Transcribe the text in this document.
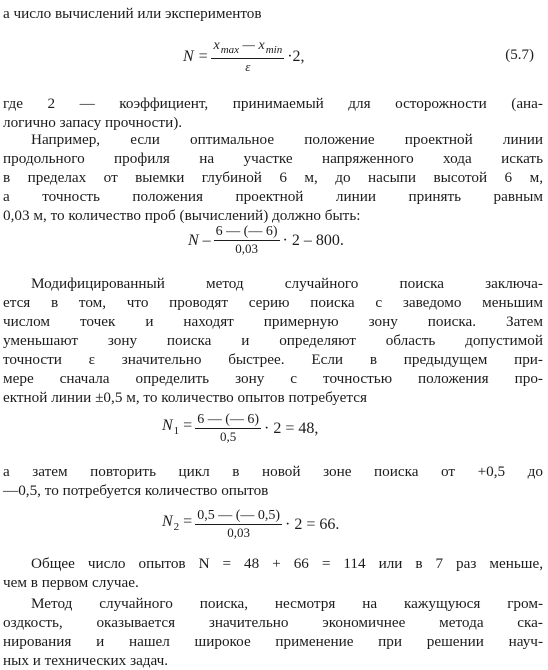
а число вычислений или экспериментов

$N = \frac{x_{max} — x_{min}}{\varepsilon} \cdot 2$,	(5.7)

где 2 — коэффициент, принимаемый для осторожности (ана-
логично запасу прочности).

Например, если оптимальное положение проектной линии
продольного профиля на участке напряженного хода искать
в пределах от выемки глубиной 6 м, до насыпи высотой 6 м,
а точность положения проектной линии принять равным
0,03 м, то количество проб (вычислений) должно быть:

$N - \frac{6 — (— 6)}{0,03} \cdot 2 - 800$.

Модифицированный метод случайного поиска заключа-
ется в том, что проводят серию поиска с заведомо меньшим
числом точек и находят примерную зону поиска. Затем
уменьшают зону поиска и определяют область допустимой
точности ε значительно быстрее. Если в предыдущем при-
мере сначала определить зону с точностью положения про-
ектной линии ±0,5 м, то количество опытов потребуется

$N_1 = \frac{6 — (— 6)}{0,5} \cdot 2 = 48$,

а затем повторить цикл в новой зоне поиска от +0,5 до
—0,5, то потребуется количество опытов

$N_2 = \frac{0,5 — (— 0,5)}{0,03} \cdot 2 = 66$.

Общее число опытов N = 48 + 66 = 114 или в 7 раз меньше,
чем в первом случае.

Метод случайного поиска, несмотря на кажущуюся гром-
оздкость, оказывается значительно экономичнее метода ска-
нирования и нашел широкое применение при решении науч-
ных и технических задач.
